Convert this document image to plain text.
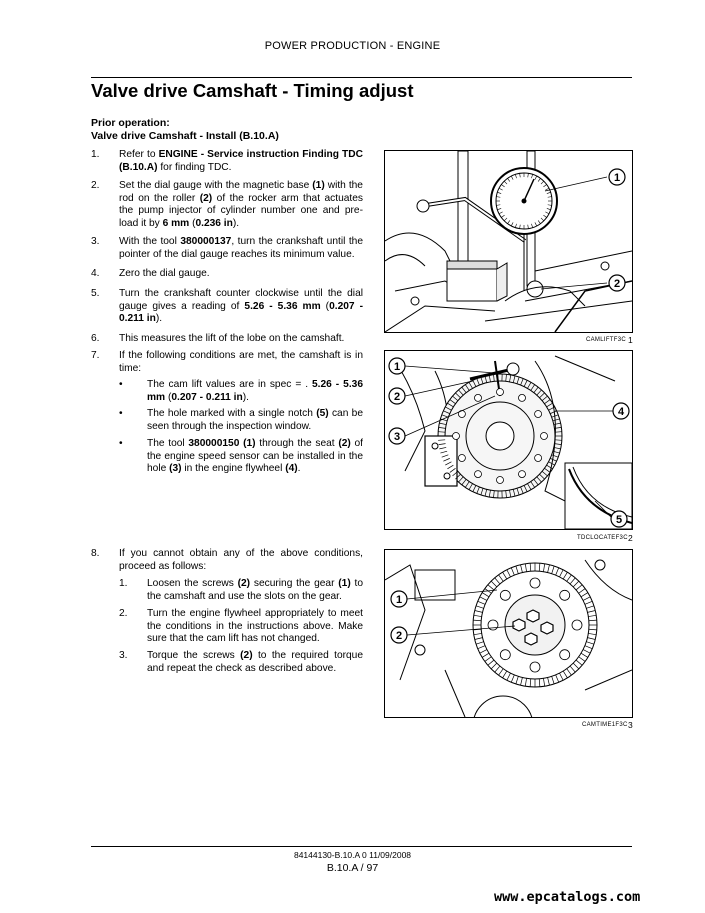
POWER PRODUCTION - ENGINE
Valve drive Camshaft - Timing adjust
Prior operation:
Valve drive Camshaft - Install (B.10.A)
1. Refer to ENGINE - Service instruction Finding TDC (B.10.A) for finding TDC.
2. Set the dial gauge with the magnetic base (1) with the rod on the roller (2) of the rocker arm that actuates the pump injector of cylinder number one and pre-load it by 6 mm (0.236 in).
3. With the tool 380000137, turn the crankshaft until the pointer of the dial gauge reaches its minimum value.
4. Zero the dial gauge.
5. Turn the crankshaft counter clockwise until the dial gauge gives a reading of 5.26 - 5.36 mm (0.207 - 0.211 in).
6. This measures the lift of the lobe on the camshaft.
7. If the following conditions are met, the camshaft is in time:
• The cam lift values are in spec = . 5.26 - 5.36 mm (0.207 - 0.211 in).
• The hole marked with a single notch (5) can be seen through the inspection window.
• The tool 380000150 (1) through the seat (2) of the engine speed sensor can be installed in the hole (3) in the engine flywheel (4).
8. If you cannot obtain any of the above conditions, proceed as follows:
1. Loosen the screws (2) securing the gear (1) to the camshaft and use the slots on the gear.
2. Turn the engine flywheel appropriately to meet the conditions in the instructions above. Make sure that the cam lift has not changed.
3. Torque the screws (2) to the required torque and repeat the check as described above.
1
2
CAMLIFTF3C 1
1
2
3
4
5
TDCLOCATEF3C 2
1
2
CAMTIME1F3C 3
84144130-B.10.A 0 11/09/2008
B.10.A / 97
www.epcatalogs.com
